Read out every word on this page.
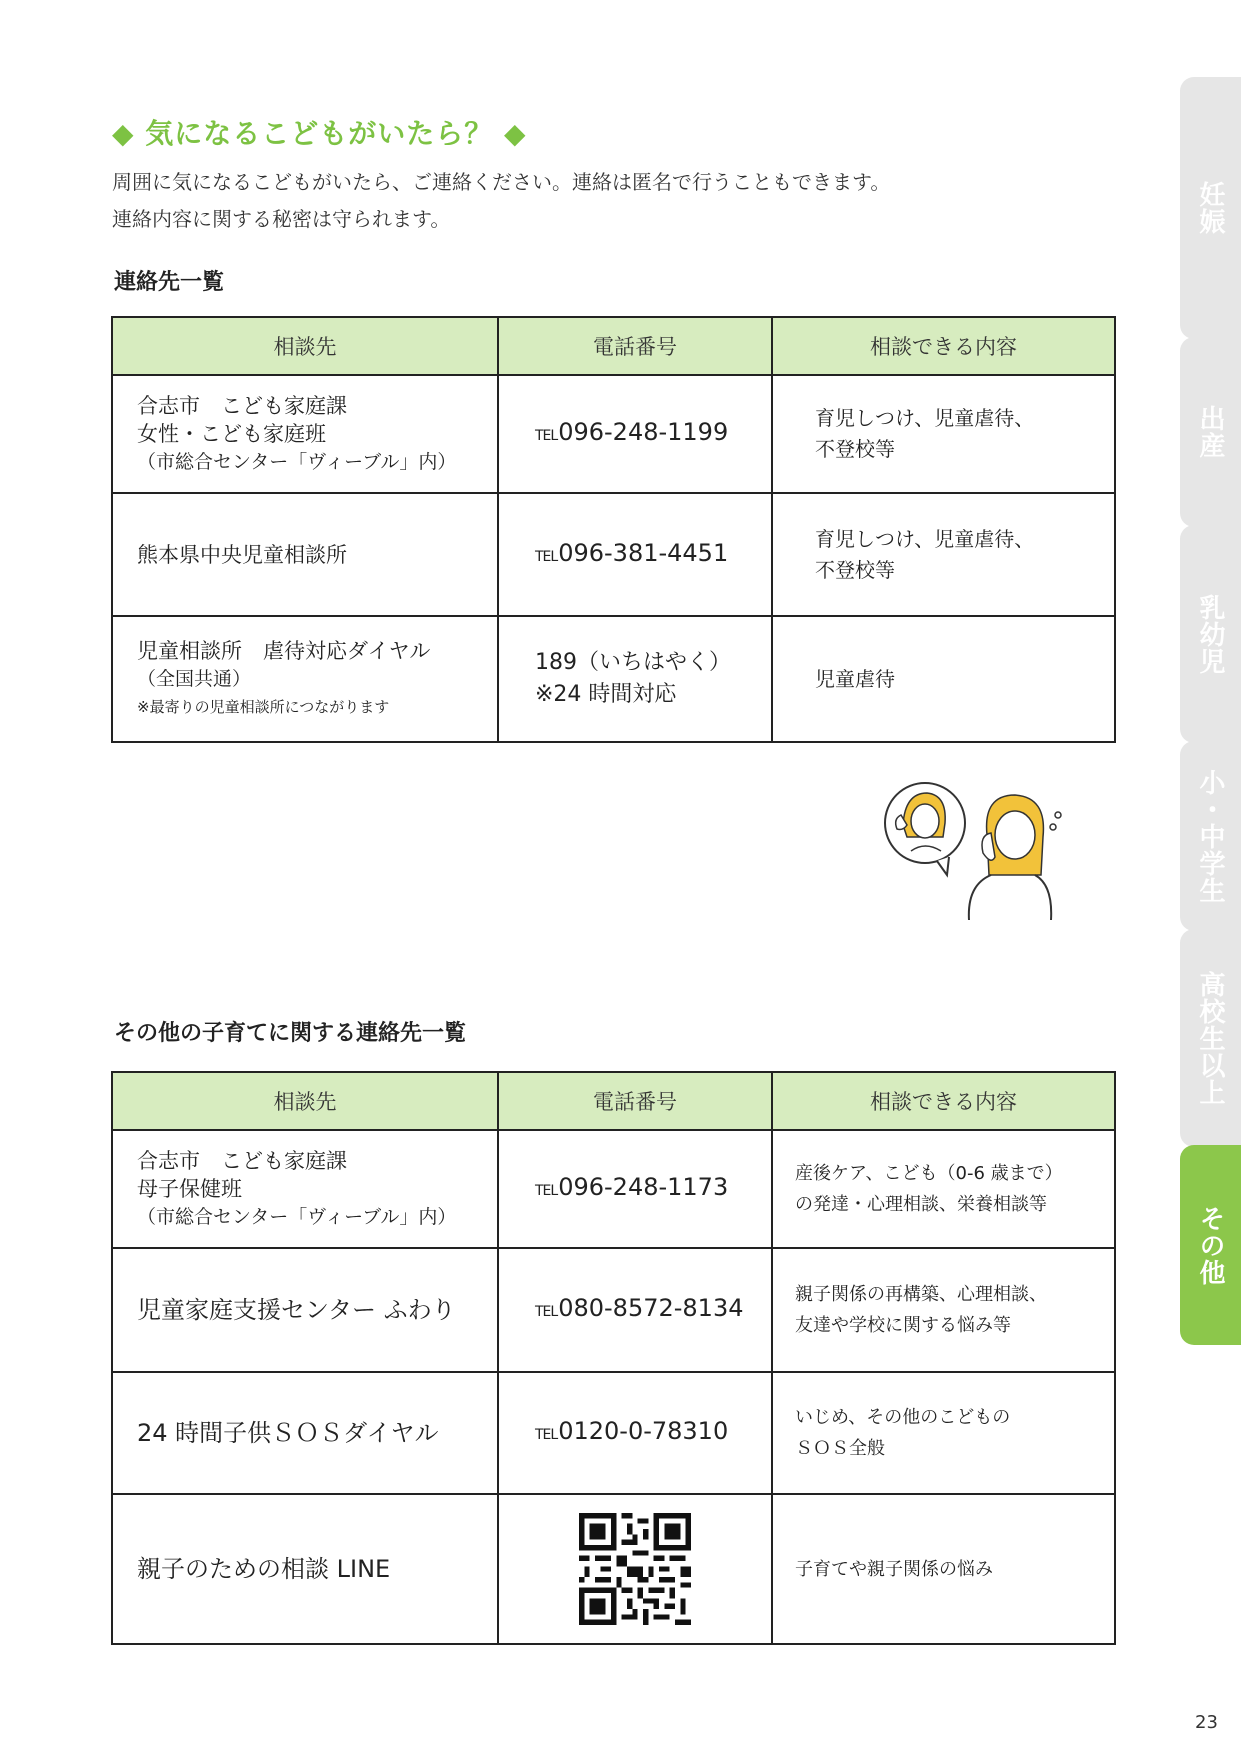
◆ 気になるこどもがいたら？ ◆
周囲に気になるこどもがいたら、ご連絡ください。連絡は匿名で行うこともできます。
連絡内容に関する秘密は守られます。
連絡先一覧
相談先	電話番号	相談できる内容
合志市　こども家庭課
女性・こども家庭班
（市総合センター「ヴィーブル」内）	TEL096-248-1199	育児しつけ、児童虐待、
不登校等
熊本県中央児童相談所	TEL096-381-4451	育児しつけ、児童虐待、
不登校等
児童相談所　虐待対応ダイヤル
（全国共通）
※最寄りの児童相談所につながります	189（いちはやく）
※24 時間対応	児童虐待
その他の子育てに関する連絡先一覧
相談先	電話番号	相談できる内容
合志市　こども家庭課
母子保健班
（市総合センター「ヴィーブル」内）	TEL096-248-1173	産後ケア、こども（0-6 歳まで）
の発達・心理相談、栄養相談等
児童家庭支援センター ふわり	TEL080-8572-8134	親子関係の再構築、心理相談、
友達や学校に関する悩み等
24 時間子供ＳＯＳダイヤル	TEL0120-0-78310	いじめ、その他のこどもの
ＳＯＳ全般
親子のための相談 LINE		子育てや親子関係の悩み
妊娠
出産
乳幼児
小・中学生
高校生以上
その他
23
